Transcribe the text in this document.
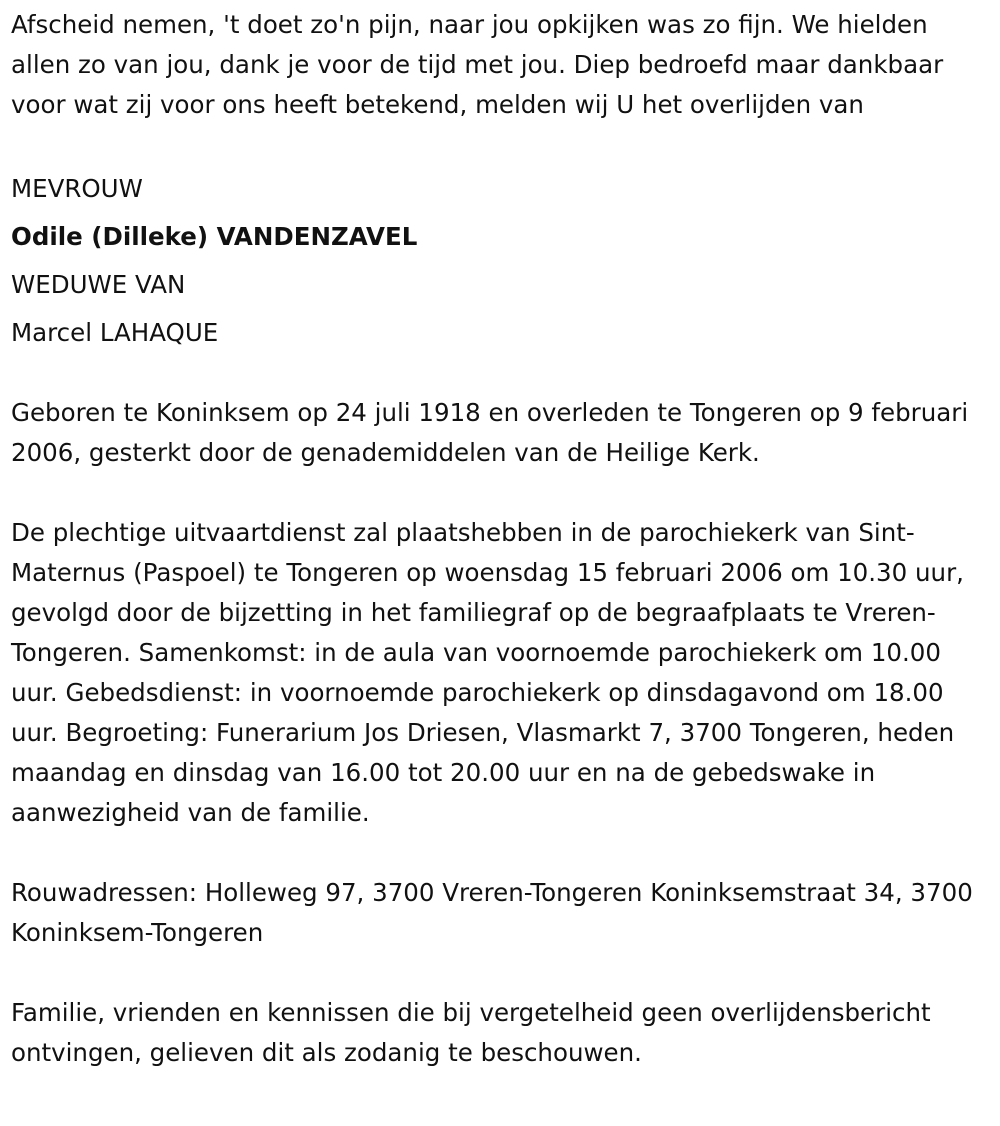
Afscheid nemen, 't doet zo'n pijn, naar jou opkijken was zo fijn. We hielden allen zo van jou, dank je voor de tijd met jou. Diep bedroefd maar dankbaar voor wat zij voor ons heeft betekend, melden wij U het overlijden van

MEVROUW

Odile (Dilleke) VANDENZAVEL

WEDUWE VAN

Marcel LAHAQUE

Geboren te Koninksem op 24 juli 1918 en overleden te Tongeren op 9 februari 2006, gesterkt door de genademiddelen van de Heilige Kerk.

De plechtige uitvaartdienst zal plaatshebben in de parochiekerk van Sint-Maternus (Paspoel) te Tongeren op woensdag 15 februari 2006 om 10.30 uur, gevolgd door de bijzetting in het familiegraf op de begraafplaats te Vreren-Tongeren. Samenkomst: in de aula van voornoemde parochiekerk om 10.00 uur. Gebedsdienst: in voornoemde parochiekerk op dinsdagavond om 18.00 uur. Begroeting: Funerarium Jos Driesen, Vlasmarkt 7, 3700 Tongeren, heden maandag en dinsdag van 16.00 tot 20.00 uur en na de gebedswake in aanwezigheid van de familie.

Rouwadressen: Holleweg 97, 3700 Vreren-Tongeren Koninksemstraat 34, 3700 Koninksem-Tongeren

Familie, vrienden en kennissen die bij vergetelheid geen overlijdensbericht ontvingen, gelieven dit als zodanig te beschouwen.
